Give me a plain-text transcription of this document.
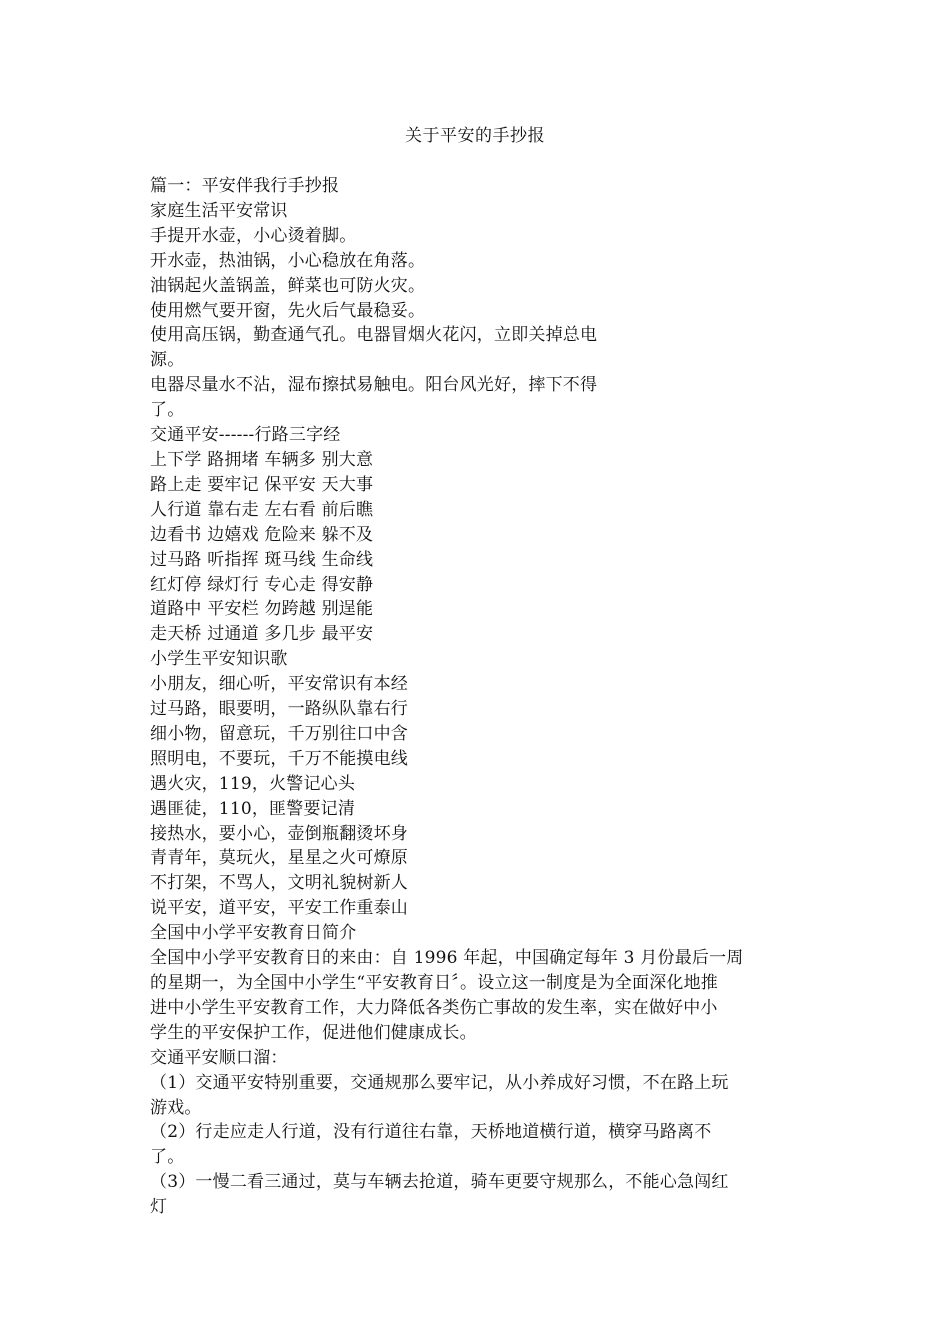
关于平安的手抄报
篇一：平安伴我行手抄报
家庭生活平安常识
手提开水壶，小心烫着脚。
开水壶，热油锅，小心稳放在角落。
油锅起火盖锅盖，鲜菜也可防火灾。
使用燃气要开窗，先火后气最稳妥。
使用高压锅，勤查通气孔。电器冒烟火花闪，立即关掉总电
源。
电器尽量水不沾，湿布擦拭易触电。阳台风光好，摔下不得
了。
交通平安------行路三字经
上下学 路拥堵 车辆多 别大意
路上走 要牢记 保平安 天大事
人行道 靠右走 左右看 前后瞧
边看书 边嬉戏 危险来 躲不及
过马路 听指挥 斑马线 生命线
红灯停 绿灯行 专心走 得安静
道路中 平安栏 勿跨越 别逞能
走天桥 过通道 多几步 最平安
小学生平安知识歌
小朋友，细心听，平安常识有本经
过马路，眼要明，一路纵队靠右行
细小物，留意玩，千万别往口中含
照明电，不要玩，千万不能摸电线
遇火灾，119，火警记心头
遇匪徒，110，匪警要记清
接热水，要小心，壶倒瓶翻烫坏身
青青年，莫玩火，星星之火可燎原
不打架，不骂人，文明礼貌树新人
说平安，道平安，平安工作重泰山
全国中小学平安教育日简介
全国中小学平安教育日的来由：自 1996 年起，中国确定每年 3 月份最后一周
的星期一，为全国中小学生“平安教育日〞。设立这一制度是为全面深化地推
进中小学生平安教育工作，大力降低各类伤亡事故的发生率，实在做好中小
学生的平安保护工作，促进他们健康成长。
交通平安顺口溜：
（1）交通平安特别重要，交通规那么要牢记，从小养成好习惯，不在路上玩
游戏。
（2）行走应走人行道，没有行道往右靠，天桥地道横行道，横穿马路离不
了。
（3）一慢二看三通过，莫与车辆去抢道，骑车更要守规那么，不能心急闯红
灯
